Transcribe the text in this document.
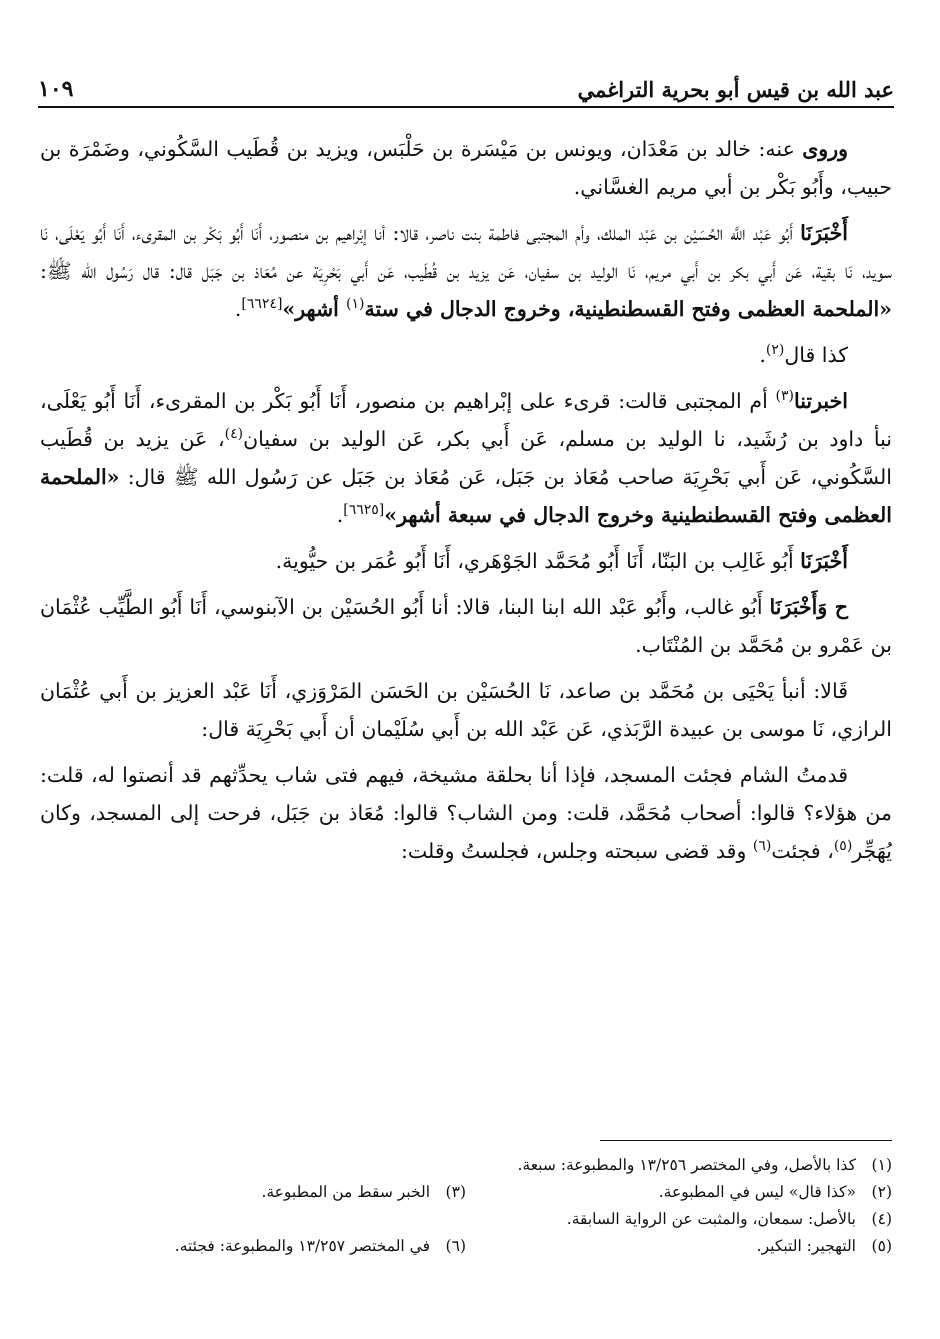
عبد الله بن قيس أبو بحرية التراغمي
١٠٩

وروى عنه: خالد بن مَعْدَان، ويونس بن مَيْسَرة بن حَلْبَس، ويزيد بن قُطَيب السَّكُوني، وضَمْرَة بن حبيب، وأَبُو بَكْر بن أبي مريم الغسَّاني.

أَخْبَرَنَا أَبُو عَبْد اللَّه الحُسَيْن بن عَبْد الملك، وأم المجتبى فاطمة بنت ناصر، قالا: أنا إبْراهيم بن منصور، أَنَا أَبُو بَكْر بن المقرىء، أَنَا أَبُو يَعْلَى، نَا سويد، نَا بقية، عَن أَبي بكر بن أَبي مريم، نَا الوليد بن سفيان، عَن يزيد بن قُطَيب، عَن أَبي بَحْرِيَة عن مُعَاذ بن جَبَل قال: قال رَسُول الله ﷺ: «الملحمة العظمى وفتح القسطنطينية، وخروج الدجال في ستة$^{(١)}$ أشهر»[٦٦٢٤].

كذا قال$^{(٢)}$.

اخبرتنا$^{(٣)}$ أم المجتبى قالت: قرىء على إبْراهيم بن منصور، أَنَا أَبُو بَكْر بن المقرىء، أَنَا أَبُو يَعْلَى، نبأ داود بن رُشَيد، نا الوليد بن مسلم، عَن أَبي بكر، عَن الوليد بن سفيان$^{(٤)}$، عَن يزيد بن قُطَيب السَّكُوني، عَن أَبي بَحْرِيَة صاحب مُعَاذ بن جَبَل، عَن مُعَاذ بن جَبَل عن رَسُول الله ﷺ قال: «الملحمة العظمى وفتح القسطنطينية وخروج الدجال في سبعة أشهر»[٦٦٢٥].

أَخْبَرَنَا أَبُو غَالِب بن البَنّا، أَنَا أَبُو مُحَمَّد الجَوْهَري، أَنَا أَبُو عُمَر بن حيُّوية.

ح وَأَخْبَرَنَا أَبُو غالب، وأَبُو عَبْد الله ابنا البنا، قالا: أنا أَبُو الحُسَيْن بن الآبنوسي، أَنَا أَبُو الطَّيِّب عُثْمَان بن عَمْرو بن مُحَمَّد بن المُنْتَاب.

قَالا: أنبأ يَحْيَى بن مُحَمَّد بن صاعد، نَا الحُسَيْن بن الحَسَن المَرْوَزي، أَنَا عَبْد العزيز بن أَبي عُثْمَان الرازي، نَا موسى بن عبيدة الرَّبَذي، عَن عَبْد الله بن أَبي سُلَيْمان أن أَبي بَحْرِيَة قال:

قدمتُ الشام فجئت المسجد، فإذا أنا بحلقة مشيخة، فيهم فتى شاب يحدِّثهم قد أنصتوا له، قلت: من هؤلاء؟ قالوا: أصحاب مُحَمَّد، قلت: ومن الشاب؟ قالوا: مُعَاذ بن جَبَل، فرحت إلى المسجد، وكان يُهَجِّر$^{(٥)}$، فجئت$^{(٦)}$ وقد قضى سبحته وجلس، فجلستُ وقلت:

(١)
كذا بالأصل، وفي المختصر ١٣/٢٥٦ والمطبوعة: سبعة.
(٢)
«كذا قال» ليس في المطبوعة.
(٣)
الخبر سقط من المطبوعة.
(٤)
بالأصل: سمعان، والمثبت عن الرواية السابقة.
(٥)
التهجير: التبكير.
(٦)
في المختصر ١٣/٢٥٧ والمطبوعة: فجئته.
